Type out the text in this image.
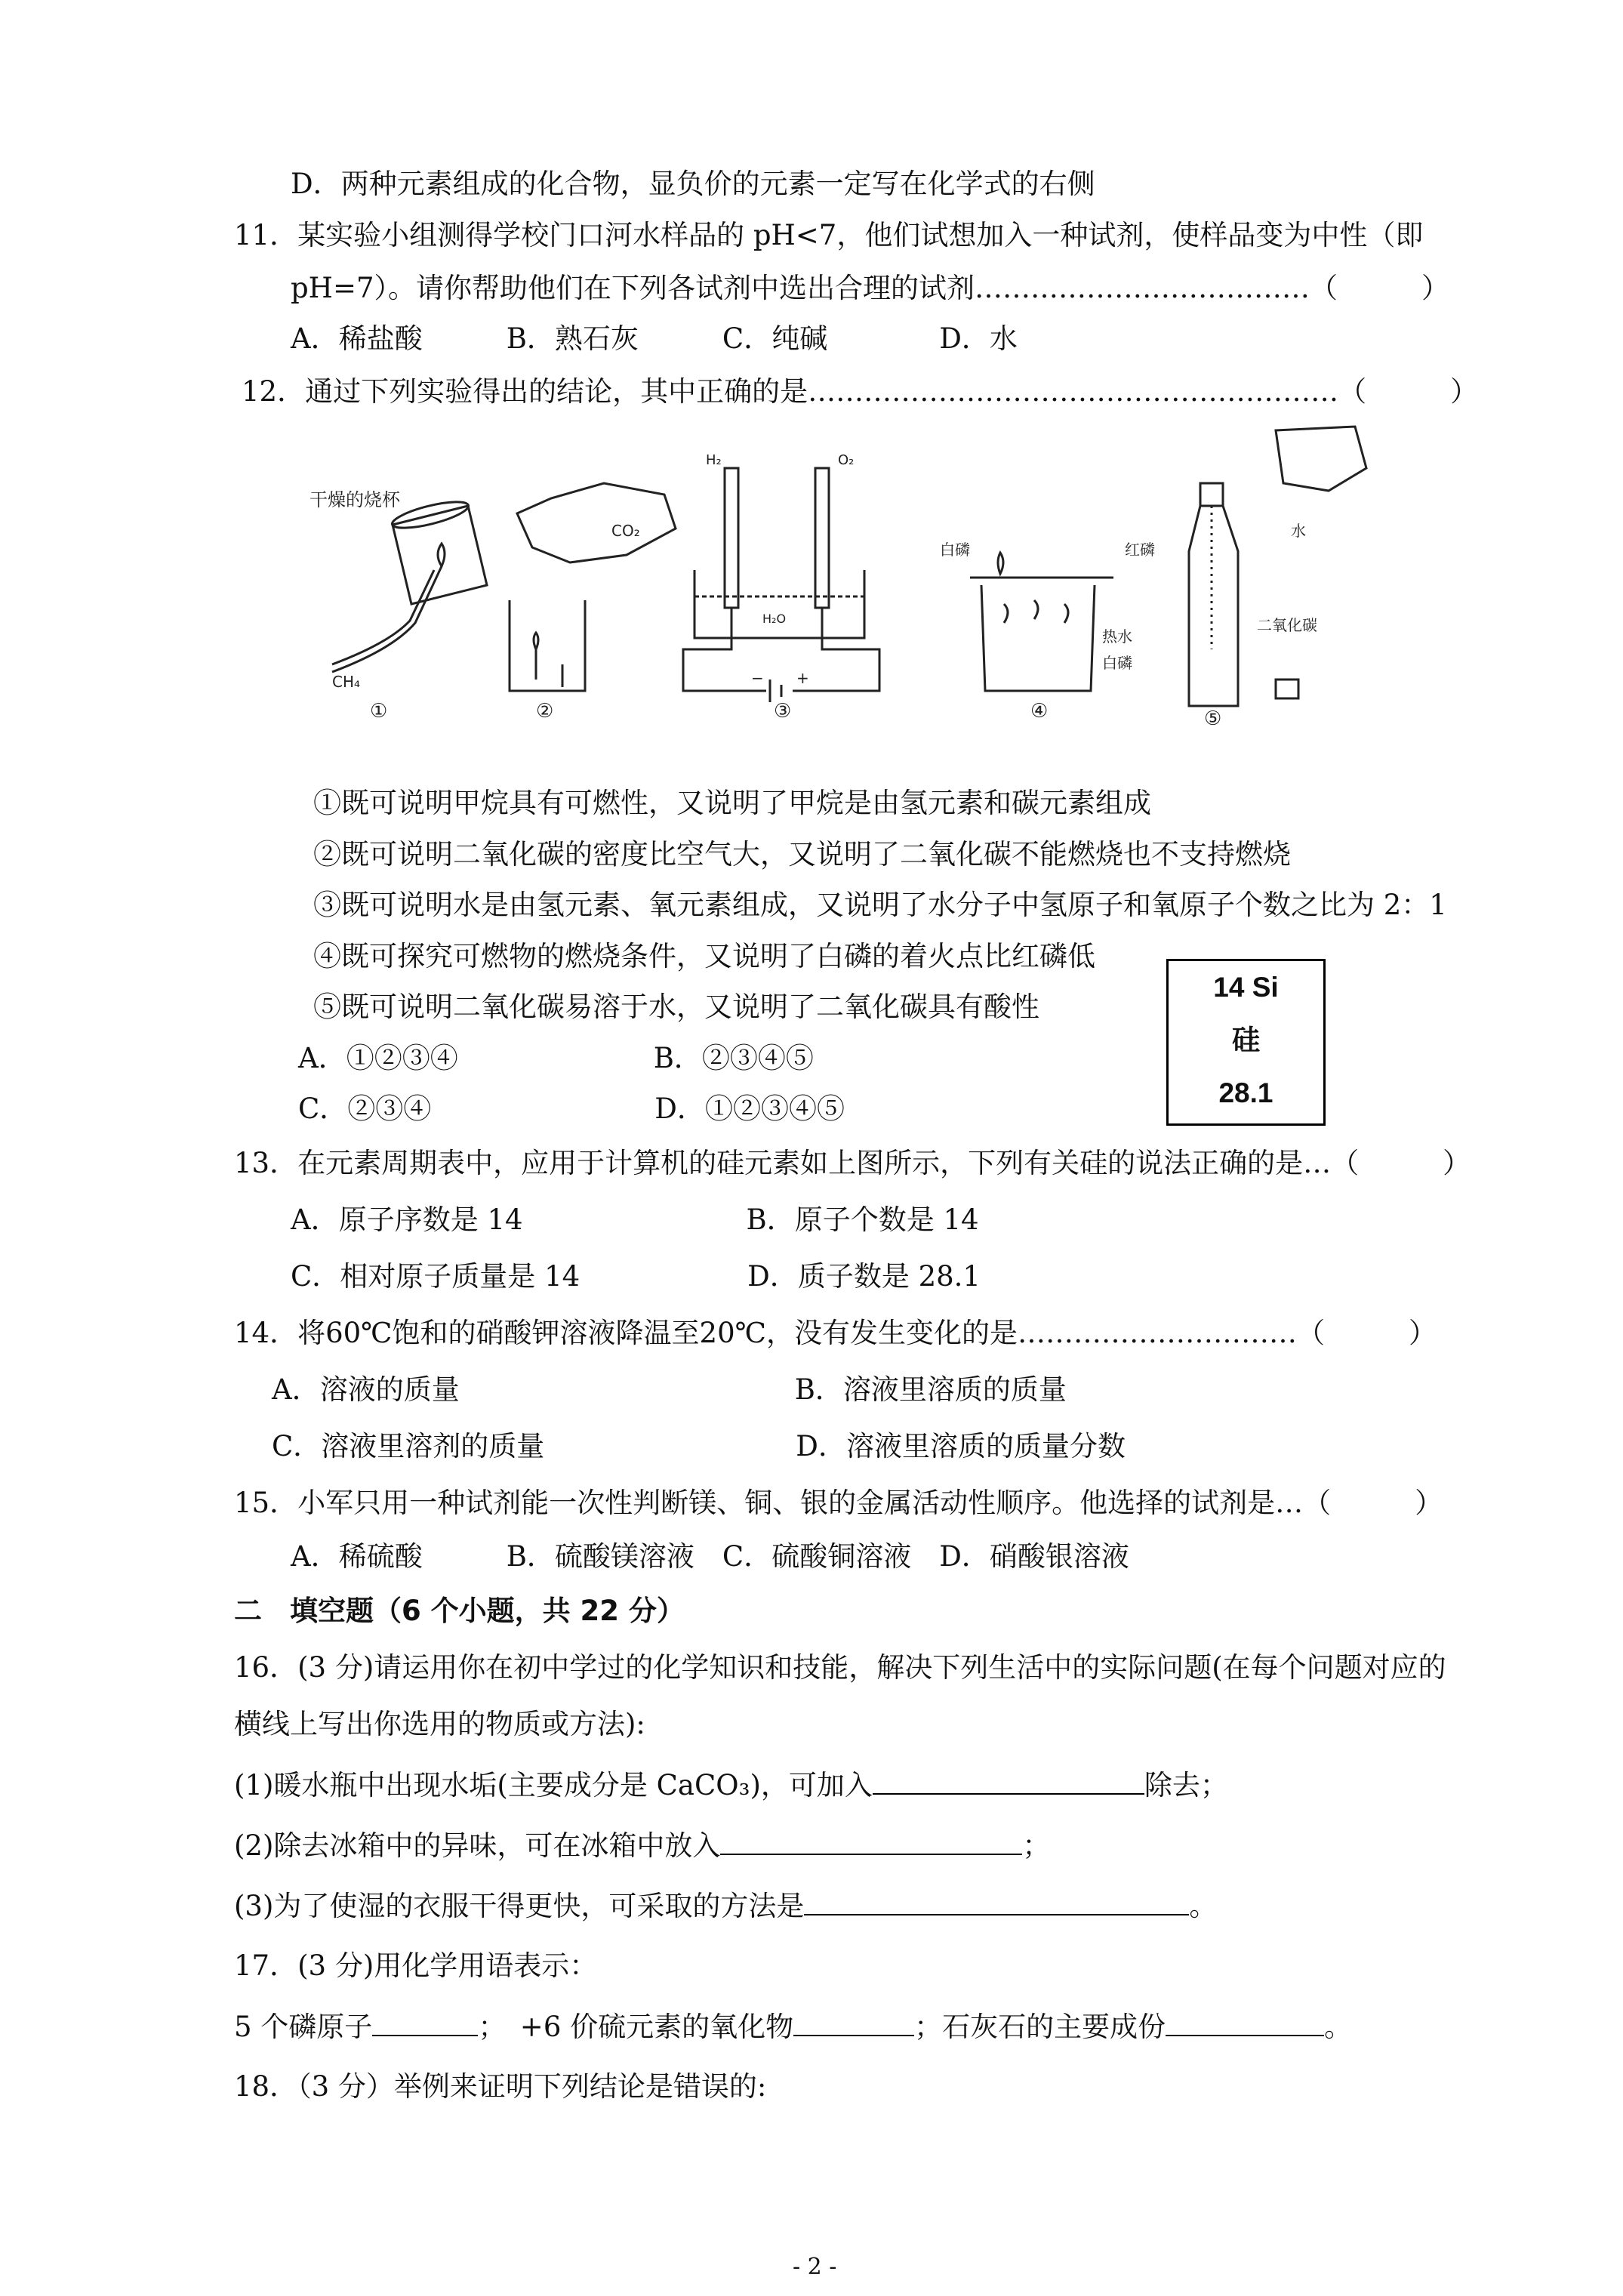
D．两种元素组成的化合物，显负价的元素一定写在化学式的右侧
11．某实验小组测得学校门口河水样品的 pH<7，他们试想加入一种试剂，使样品变为中性（即
pH=7）。请你帮助他们在下列各试剂中选出合理的试剂………………………………（　　　）
A．稀盐酸　　　B．熟石灰　　　C．纯碱　　　　D．水
12．通过下列实验得出的结论，其中正确的是…………………………………………………（　　　）
干燥的烧杯
CH₄
①
CO₂
②
H₂	O₂
H₂O
− +
③
白磷	红磷
热水
白磷
④
水
二氧化碳
⑤
①既可说明甲烷具有可燃性，又说明了甲烷是由氢元素和碳元素组成
②既可说明二氧化碳的密度比空气大，又说明了二氧化碳不能燃烧也不支持燃烧
③既可说明水是由氢元素、氧元素组成，又说明了水分子中氢原子和氧原子个数之比为 2：1
④既可探究可燃物的燃烧条件，又说明了白磷的着火点比红磷低
⑤既可说明二氧化碳易溶于水，又说明了二氧化碳具有酸性
A．①②③④　　　　　　　B．②③④⑤
C．②③④　　　　　　　　D．①②③④⑤
14 Si
硅
28.1
13．在元素周期表中，应用于计算机的硅元素如上图所示，下列有关硅的说法正确的是…（　　　）
A．原子序数是 14　　　　　　　　B．原子个数是 14
C．相对原子质量是 14　　　　　　D．质子数是 28.1
14．将60℃饱和的硝酸钾溶液降温至20℃，没有发生变化的是…………………………（　　　）
A．溶液的质量　　　　　　　　　　　　B．溶液里溶质的质量
C．溶液里溶剂的质量　　　　　　　　　D．溶液里溶质的质量分数
15．小军只用一种试剂能一次性判断镁、铜、银的金属活动性顺序。他选择的试剂是…（　　　）
A．稀硫酸　　　B．硫酸镁溶液　C．硫酸铜溶液　D．硝酸银溶液
二　填空题（6 个小题，共 22 分）
16．(3 分)请运用你在初中学过的化学知识和技能，解决下列生活中的实际问题(在每个问题对应的
横线上写出你选用的物质或方法):
(1)暖水瓶中出现水垢(主要成分是 CaCO₃)，可加入	除去；
(2)除去冰箱中的异味，可在冰箱中放入	；
(3)为了使湿的衣服干得更快，可采取的方法是	。
17．(3 分)用化学用语表示：
5 个磷原子	；　+6 价硫元素的氧化物	；石灰石的主要成份	。
18．（3 分）举例来证明下列结论是错误的:
- 2 -
